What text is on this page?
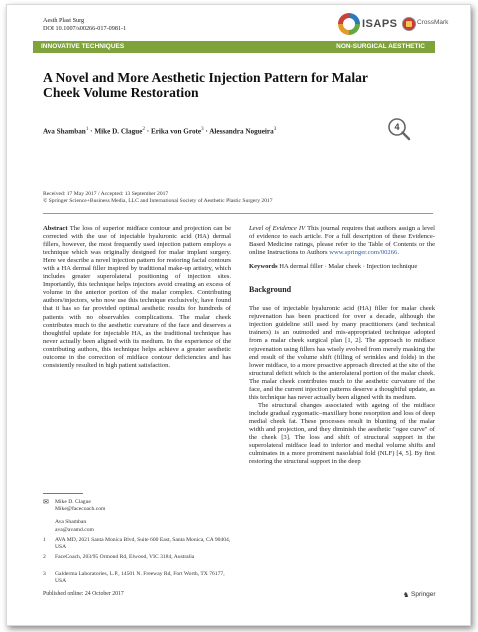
Aesth Plast Surg
DOI 10.1007/s00266-017-0981-1	ISAPS	CrossMark
INNOVATIVE TECHNIQUES	NON-SURGICAL AESTHETIC
A Novel and More Aesthetic Injection Pattern for Malar Cheek Volume Restoration
Ava Shamban$^1$ · Mike D. Clague$^2$ · Erika von Grote$^3$ · Alessandra Nogueira$^3$	4
Received: 17 May 2017 / Accepted: 13 September 2017
© Springer Science+Business Media, LLC and International Society of Aesthetic Plastic Surgery 2017

Abstract The loss of superior midface contour and projection can be corrected with the use of injectable hyaluronic acid (HA) dermal fillers, however, the most frequently used injection pattern employs a technique which was originally designed for malar implant surgery. Here we describe a novel injection pattern for restoring facial contours with a HA dermal filler inspired by traditional make-up artistry, which includes greater superolateral positioning of injection sites. Importantly, this technique helps injectors avoid creating an excess of volume in the anterior portion of the malar complex. Contributing authors/injectors, who now use this technique exclusively, have found that it has so far provided optimal aesthetic results for hundreds of patients with no observables complications. The malar cheek contributes much to the aesthetic curvature of the face and deserves a thoughtful update for injectable HA, as the traditional technique has never actually been aligned with its medium. In the experience of the contributing authors, this technique helps achieve a greater aesthetic outcome in the correction of midface contour deficiencies and has consistently resulted in high patient satisfaction.

Level of Evidence IV This journal requires that authors assign a level of evidence to each article. For a full description of these Evidence-Based Medicine ratings, please refer to the Table of Contents or the online Instructions to Authors www.springer.com/00266.

Keywords HA dermal filler · Malar cheek · Injection technique

Background

The use of injectable hyaluronic acid (HA) filler for malar cheek rejuvenation has been practiced for over a decade, although the injection guideline still used by many practitioners (and technical trainers) is an outmoded and mis-appropriated technique adopted from a malar cheek surgical plan [1, 2]. The approach to midface rejuvenation using fillers has wisely evolved from merely masking the end result of the volume shift (filling of wrinkles and folds) in the lower midface, to a more proactive approach directed at the site of the structural deficit which is the anterolateral portion of the malar cheek. The malar cheek contributes much to the aesthetic curvature of the face, and the current injection patterns deserve a thoughtful update, as this technique has never actually been aligned with its medium.

The structural changes associated with ageing of the midface include gradual zygomatic–maxillary bone resorption and loss of deep medial cheek fat. These processes result in blunting of the malar width and projection, and they diminish the aesthetic "ogee curve" of the cheek [3]. The loss and shift of structural support in the superolateral midface lead to inferior and medial volume shifts and culminates in a more prominent nasolabial fold (NLF) [4, 5]. By first restoring the structural support in the deep

✉ Mike D. Clague
Mike@facecoach.com
Ava Shamban
ava@avamd.com
1 AVA MD, 2021 Santa Monica Blvd, Suite 600 East, Santa Monica, CA 90404, USA
2 FaceCoach, 203/95 Ormond Rd, Elwood, VIC 3184, Australia
3 Galderma Laboratories, L.P., 14501 N. Freeway Rd, Fort Worth, TX 76177, USA
Published online: 24 October 2017	♞ Springer
